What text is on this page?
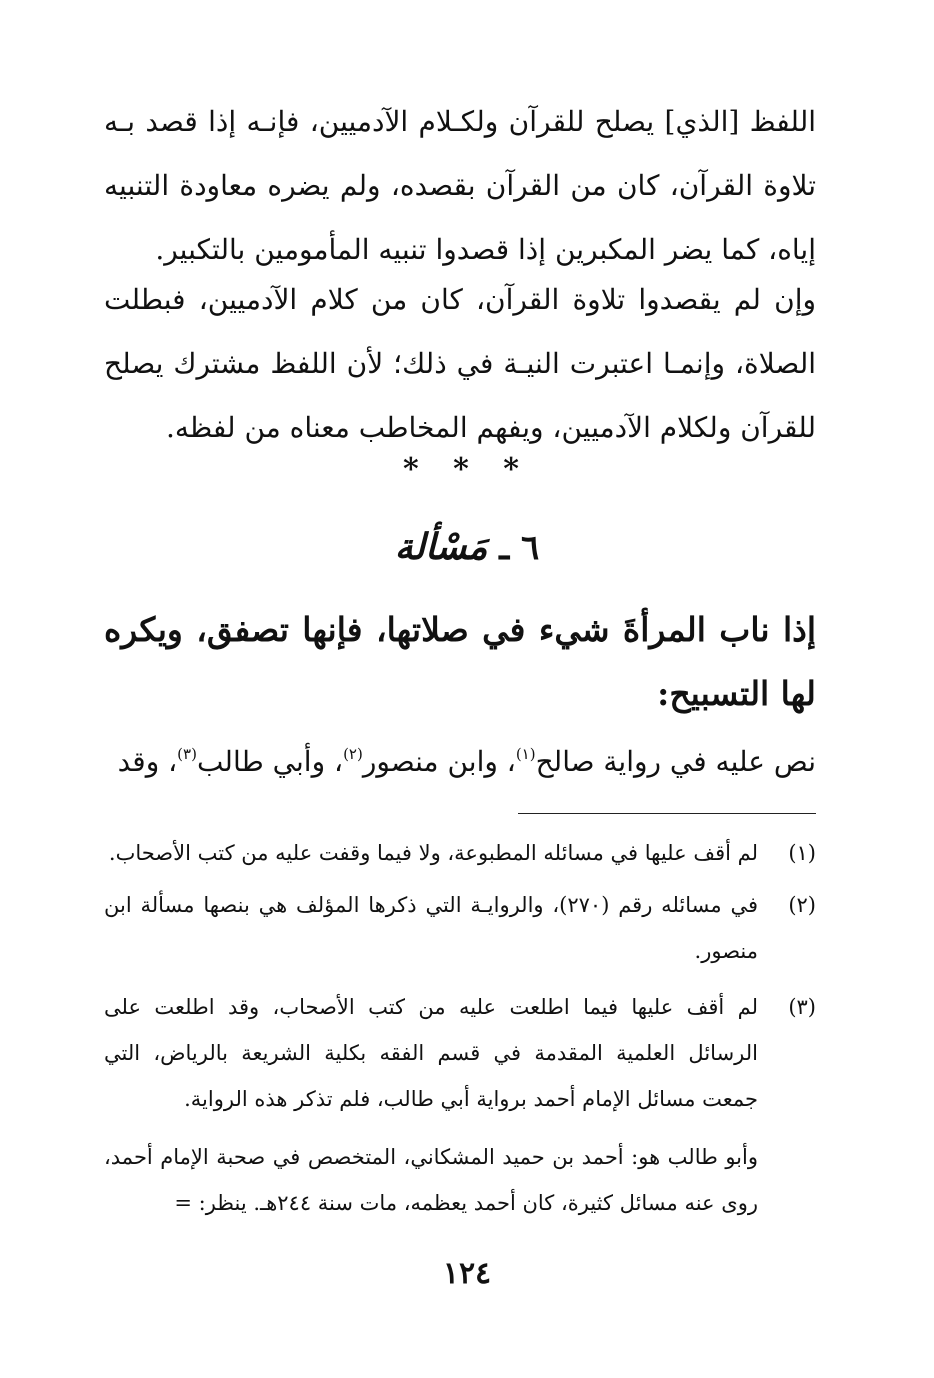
اللفظ [الذي] يصلح للقرآن ولكـلام الآدميين، فإنـه إذا قصد بـه تلاوة القرآن، كان من القرآن بقصده، ولم يضره معاودة التنبيه إياه، كما يضر المكبرين إذا قصدوا تنبيه المأمومين بالتكبير.

وإن لم يقصدوا تلاوة القرآن، كان من كلام الآدميين، فبطلت الصلاة، وإنمـا اعتبرت النيـة في ذلك؛ لأن اللفظ مشترك يصلح للقرآن ولكلام الآدميين، ويفهم المخاطب معناه من لفظه.

* * *
٦ ـ مَسْألة

إذا ناب المرأةَ شيء في صلاتها، فإنها تصفق، ويكره لها التسبيح:

نص عليه في رواية صالح$^{(١)}$، وابن منصور$^{(٢)}$، وأبي طالب$^{(٣)}$، وقد

(١)
لم أقف عليها في مسائله المطبوعة، ولا فيما وقفت عليه من كتب الأصحاب.
(٢)
في مسائله رقم (٢٧٠)، والروايـة التي ذكرها المؤلف هي بنصها مسألة ابن منصور.
(٣)
لم أقف عليها فيما اطلعت عليه من كتب الأصحاب، وقد اطلعت على الرسائل العلمية المقدمة في قسم الفقه بكلية الشريعة بالرياض، التي جمعت مسائل الإمام أحمد برواية أبي طالب، فلم تذكر هذه الرواية.
وأبو طالب هو: أحمد بن حميد المشكاني، المتخصص في صحبة الإمام أحمد، روى عنه مسائل كثيرة، كان أحمد يعظمه، مات سنة ٢٤٤هـ. ينظر: =
١٢٤
